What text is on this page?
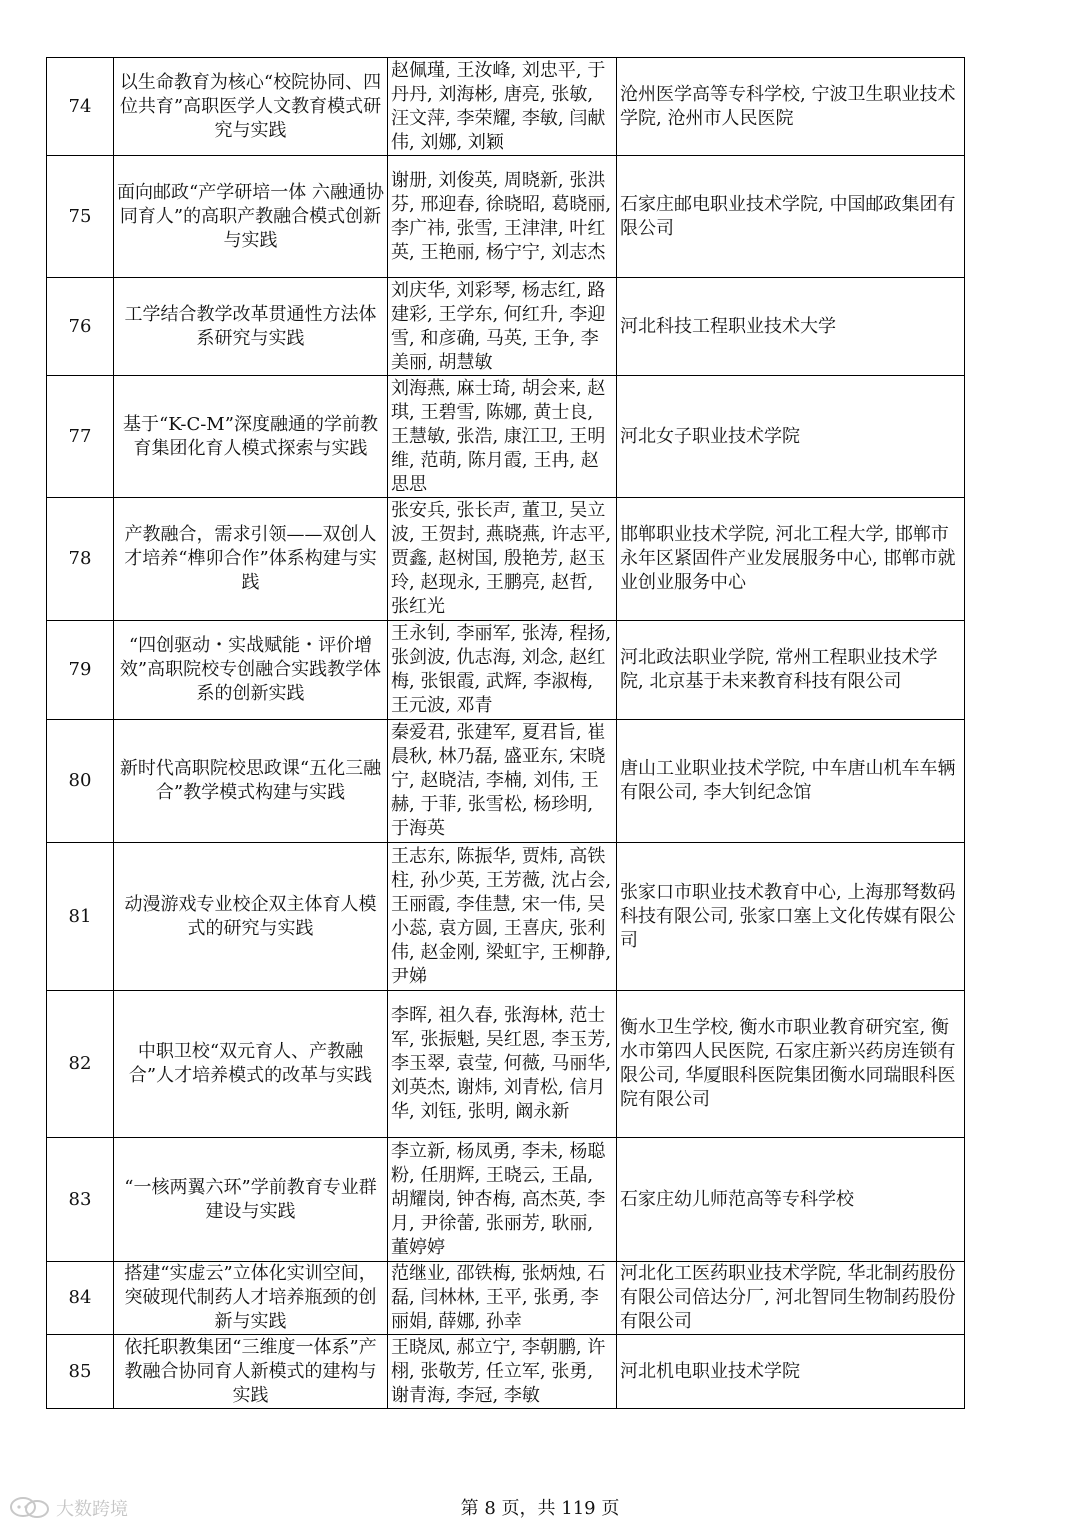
74	以生命教育为核心“校院协同、四位共育”高职医学人文教育模式研究与实践	赵佩瑾, 王汝峰, 刘忠平, 于丹丹, 刘海彬, 唐亮, 张敏, 汪文萍, 李荣耀, 李敏, 闫献伟, 刘娜, 刘颖	沧州医学高等专科学校, 宁波卫生职业技术学院, 沧州市人民医院
75	面向邮政“产学研培一体 六融通协同育人”的高职产教融合模式创新与实践	谢册, 刘俊英, 周晓新, 张洪芬, 邢迎春, 徐晓昭, 葛晓丽, 李广祎, 张雪, 王津津, 叶红英, 王艳丽, 杨宁宁, 刘志杰	石家庄邮电职业技术学院, 中国邮政集团有限公司
76	工学结合教学改革贯通性方法体系研究与实践	刘庆华, 刘彩琴, 杨志红, 路建彩, 王学东, 何红升, 李迎雪, 和彦确, 马英, 王争, 李美丽, 胡慧敏	河北科技工程职业技术大学
77	基于“K-C-M”深度融通的学前教育集团化育人模式探索与实践	刘海燕, 麻士琦, 胡会来, 赵琪, 王碧雪, 陈娜, 黄士良, 王慧敏, 张浩, 康江卫, 王明维, 范萌, 陈月霞, 王冉, 赵思思	河北女子职业技术学院
78	产教融合，需求引领——双创人才培养“榫卯合作”体系构建与实践	张安兵, 张长声, 董卫, 吴立波, 王贺封, 燕晓燕, 许志平, 贾鑫, 赵树国, 殷艳芳, 赵玉玲, 赵现永, 王鹏亮, 赵哲, 张红光	邯郸职业技术学院, 河北工程大学, 邯郸市永年区紧固件产业发展服务中心, 邯郸市就业创业服务中心
79	“四创驱动・实战赋能・评价增效”高职院校专创融合实践教学体系的创新实践	王永钊, 李丽军, 张涛, 程扬, 张剑波, 仇志海, 刘念, 赵红梅, 张银霞, 武辉, 李淑梅, 王元波, 邓青	河北政法职业学院, 常州工程职业技术学院, 北京基于未来教育科技有限公司
80	新时代高职院校思政课“五化三融合”教学模式构建与实践	秦爱君, 张建军, 夏君旨, 崔晨秋, 林乃磊, 盛亚东, 宋晓宁, 赵晓洁, 李楠, 刘伟, 王赫, 于菲, 张雪松, 杨珍明, 于海英	唐山工业职业技术学院, 中车唐山机车车辆有限公司, 李大钊纪念馆
81	动漫游戏专业校企双主体育人模式的研究与实践	王志东, 陈振华, 贾炜, 高铁柱, 孙少英, 王芳薇, 沈占会, 王丽霞, 李佳慧, 宋一伟, 吴小蕊, 袁方圆, 王喜庆, 张利伟, 赵金刚, 梁虹宇, 王柳静, 尹娣	张家口市职业技术教育中心, 上海那弩数码科技有限公司, 张家口塞上文化传媒有限公司
82	中职卫校“双元育人、产教融合”人才培养模式的改革与实践	李晖, 祖久春, 张海林, 范士军, 张振魁, 吴红恩, 李玉芳, 李玉翠, 袁莹, 何薇, 马丽华, 刘英杰, 谢炜, 刘青松, 信月华, 刘钰, 张明, 阚永新	衡水卫生学校, 衡水市职业教育研究室, 衡水市第四人民医院, 石家庄新兴药房连锁有限公司, 华厦眼科医院集团衡水同瑞眼科医院有限公司
83	“一核两翼六环”学前教育专业群建设与实践	李立新, 杨凤勇, 李未, 杨聪粉, 任朋辉, 王晓云, 王晶, 胡耀岗, 钟杏梅, 高杰英, 李月, 尹徐蕾, 张丽芳, 耿丽, 董婷婷	石家庄幼儿师范高等专科学校
84	搭建“实虚云”立体化实训空间，突破现代制药人才培养瓶颈的创新与实践	范继业, 邵铁梅, 张炳烛, 石磊, 闫林林, 王平, 张勇, 李丽娟, 薛娜, 孙幸	河北化工医药职业技术学院, 华北制药股份有限公司倍达分厂, 河北智同生物制药股份有限公司
85	依托职教集团“三维度一体系”产教融合协同育人新模式的建构与实践	王晓凤, 郝立宁, 李朝鹏, 许栩, 张敬芳, 任立军, 张勇, 谢青海, 李冠, 李敏	河北机电职业技术学院
大数跨境	第 8 页，共 119 页
